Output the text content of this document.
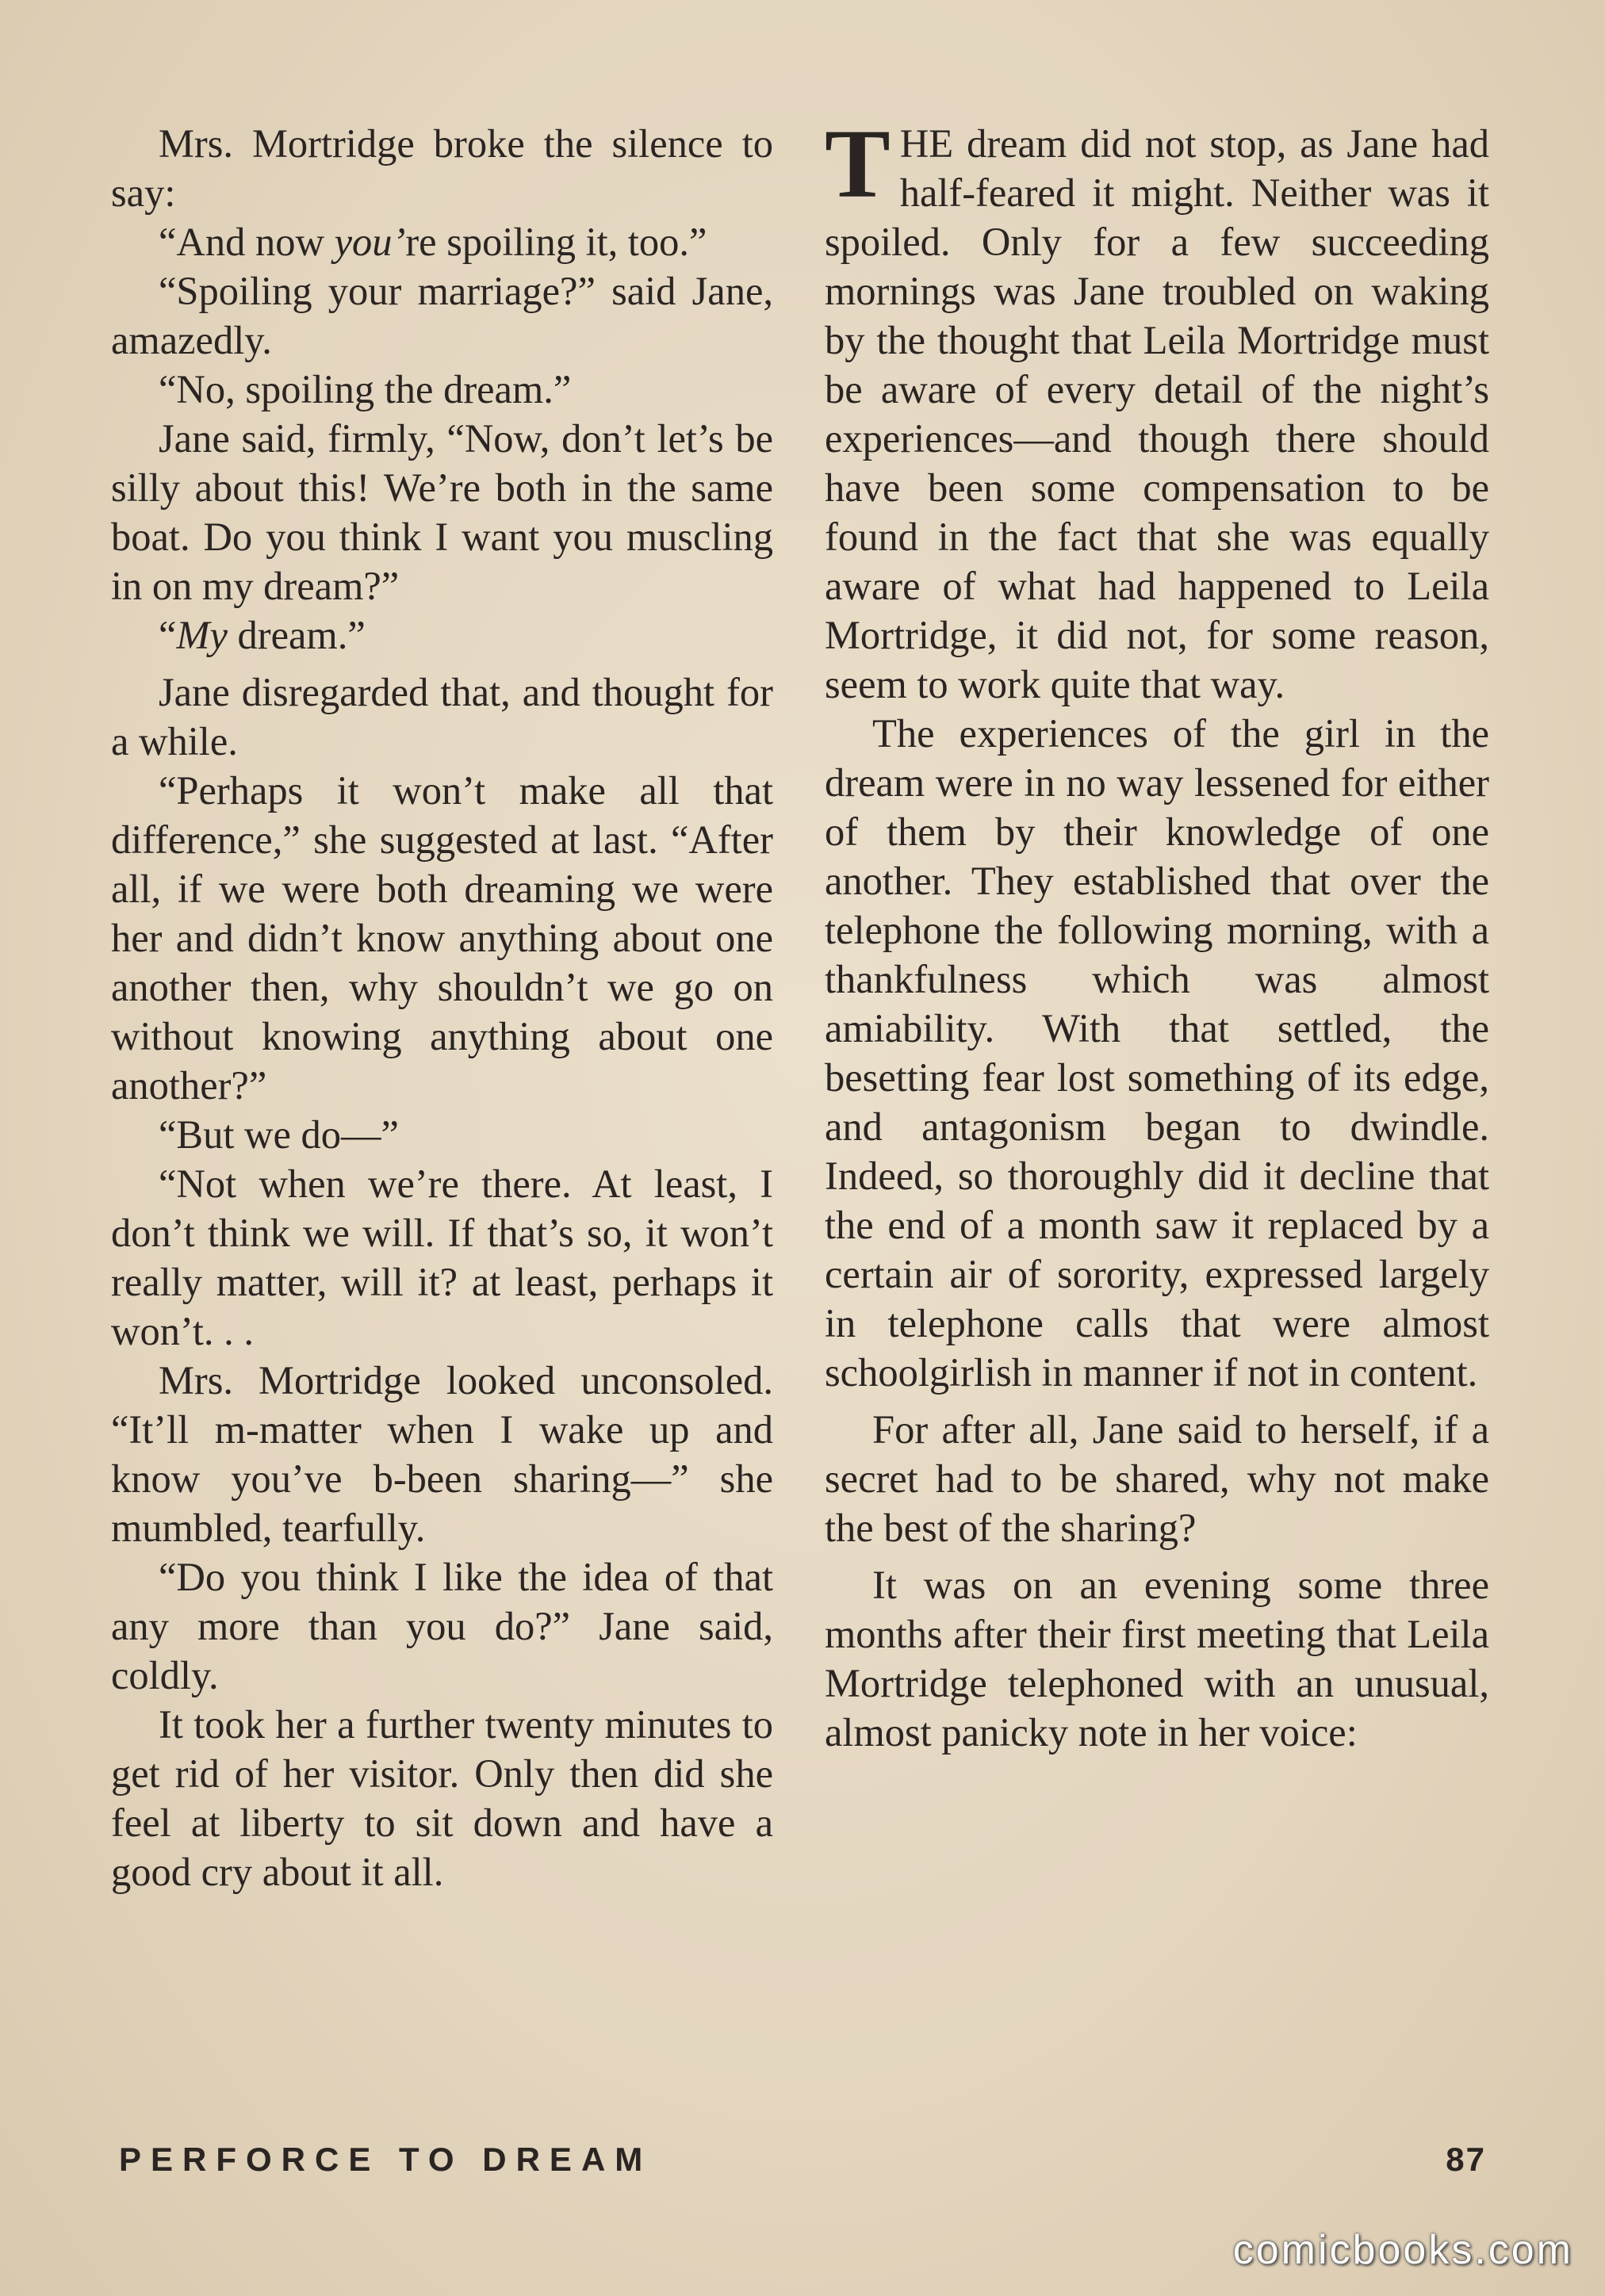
Mrs. Mortridge broke the silence to say:

“And now you’re spoiling it, too.”

“Spoiling your marriage?” said Jane, amazedly.

“No, spoiling the dream.”

Jane said, firmly, “Now, don’t let’s be silly about this! We’re both in the same boat. Do you think I want you muscling in on my dream?”

“My dream.”

Jane disregarded that, and thought for a while.

“Perhaps it won’t make all that difference,” she suggested at last. “After all, if we were both dreaming we were her and didn’t know anything about one another then, why shouldn’t we go on without knowing anything about one another?”

“But we do—”

“Not when we’re there. At least, I don’t think we will. If that’s so, it won’t really matter, will it? at least, perhaps it won’t. . .

Mrs. Mortridge looked unconsoled. “It’ll m-matter when I wake up and know you’ve b-been sharing—” she mumbled, tearfully.

“Do you think I like the idea of that any more than you do?” Jane said, coldly.

It took her a further twenty minutes to get rid of her visitor. Only then did she feel at liberty to sit down and have a good cry about it all.

THE dream did not stop, as Jane had half-feared it might. Neither was it spoiled. Only for a few succeeding mornings was Jane troubled on waking by the thought that Leila Mortridge must be aware of every detail of the night’s experiences—and though there should have been some compensation to be found in the fact that she was equally aware of what had happened to Leila Mortridge, it did not, for some reason, seem to work quite that way.

The experiences of the girl in the dream were in no way lessened for either of them by their knowledge of one another. They established that over the telephone the following morning, with a thankfulness which was almost amiability. With that settled, the besetting fear lost something of its edge, and antagonism began to dwindle. Indeed, so thoroughly did it decline that the end of a month saw it replaced by a certain air of sorority, expressed largely in telephone calls that were almost schoolgirlish in manner if not in content.

For after all, Jane said to herself, if a secret had to be shared, why not make the best of the sharing?

It was on an evening some three months after their first meeting that Leila Mortridge telephoned with an unusual, almost panicky note in her voice:

PERFORCE TO DREAM	87
comicbooks.com
